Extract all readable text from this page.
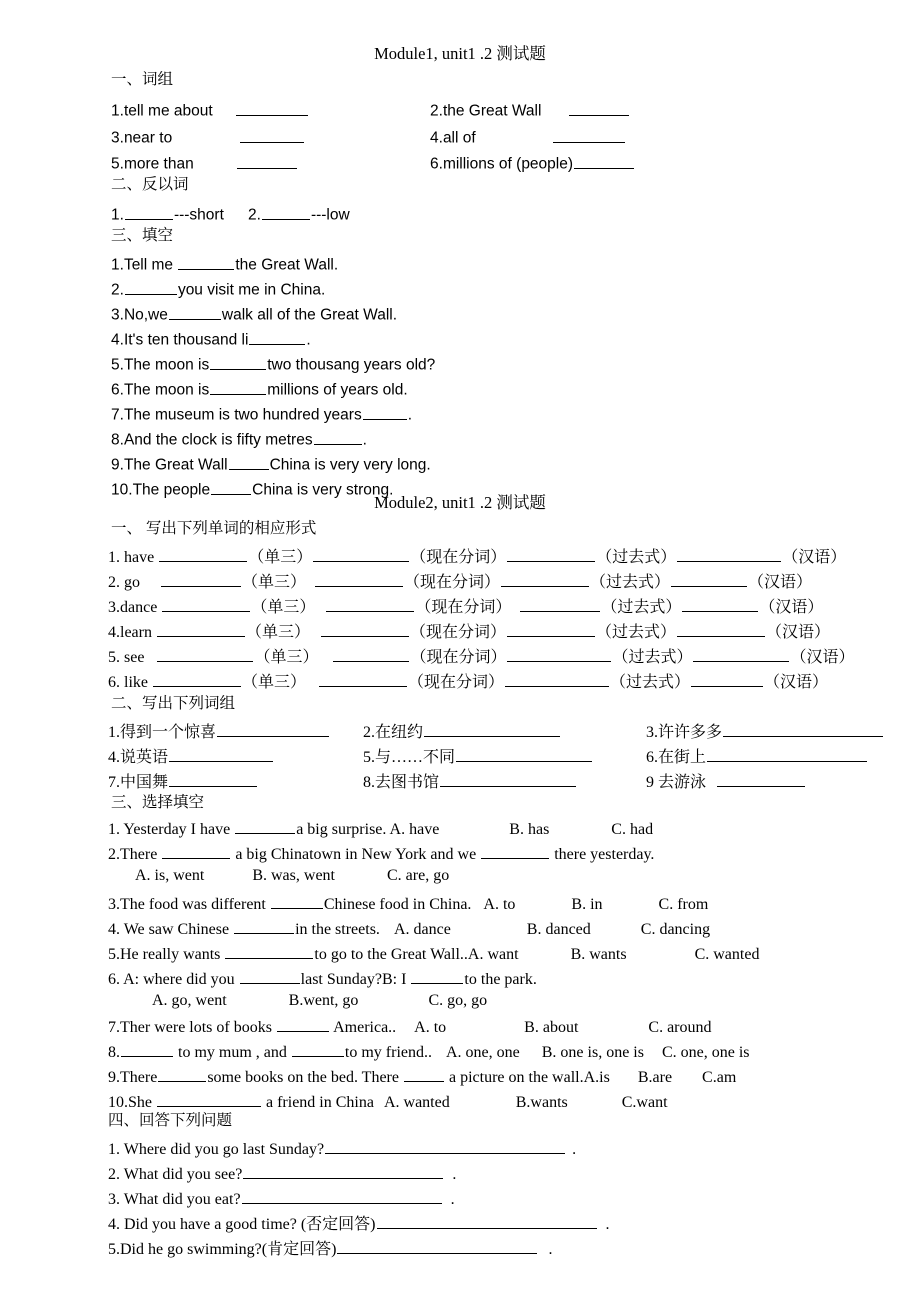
Module1, unit1 .2 测试题
一、词组
1.tell me about	2.the Great Wall
3.near to	4.all of
5.more than	6.millions of (people)
二、反以词
1.	---short 2.	---low
三、填空
1.Tell me	the Great Wall.
2.	you visit me in China.
3.No,we	walk all of the Great Wall.
4.It's ten thousand li	.
5.The moon is	two thousang years old?
6.The moon is	millions of years old.
7.The museum is two hundred years	.
8.And the clock is fifty metres	.
9.The Great Wall	China is very very long.
10.The people	China is very strong.
Module2, unit1 .2 测试题
一、 写出下列单词的相应形式
1. have	（单三）	（现在分词）	（过去式）	（汉语）
2. go	（单三）	（现在分词）	（过去式）	（汉语）
3.dance	（单三）	（现在分词）	（过去式）	（汉语）
4.learn	（单三）	（现在分词）	（过去式）	（汉语）
5. see	（单三）	（现在分词）	（过去式）	（汉语）
6. like	（单三）	（现在分词）	（过去式）	（汉语）
二、写出下列词组
1.得到一个惊喜	2.在纽约	3.许许多多
4.说英语	5.与……不同	6.在街上
7.中国舞	8.去图书馆	9 去游泳
三、选择填空
1. Yesterday I have	a big surprise. A. have	B. has	C. had
2.There	a big Chinatown in New York and we	there yesterday.
A. is, went	B. was, went	C. are, go
3.The food was different	Chinese food in China. A. to	B. in	C. from
4. We saw Chinese	in the streets. A. dance	B. danced	C. dancing
5.He really wants	to go to the Great Wall..A. want	B. wants	C. wanted
6. A: where did you	last Sunday?B: I	to the park.
A. go, went	B.went, go	C. go, go
7.Ther were lots of books	America.. A. to	B. about	C. around
8.	to my mum , and	to my friend.. A. one, one B. one is, one is C. one, one is
9.There	some books on the bed. There	a picture on the wall.A.is B.are C.am
10.She	a friend in China A. wanted	B.wants	C.want
四、回答下列问题
1. Where did you go last Sunday?	.
2. What did you see?	.
3. What did you eat?	.
4. Did you have a good time? (否定回答)	.
5.Did he go swimming?(肯定回答)	.
